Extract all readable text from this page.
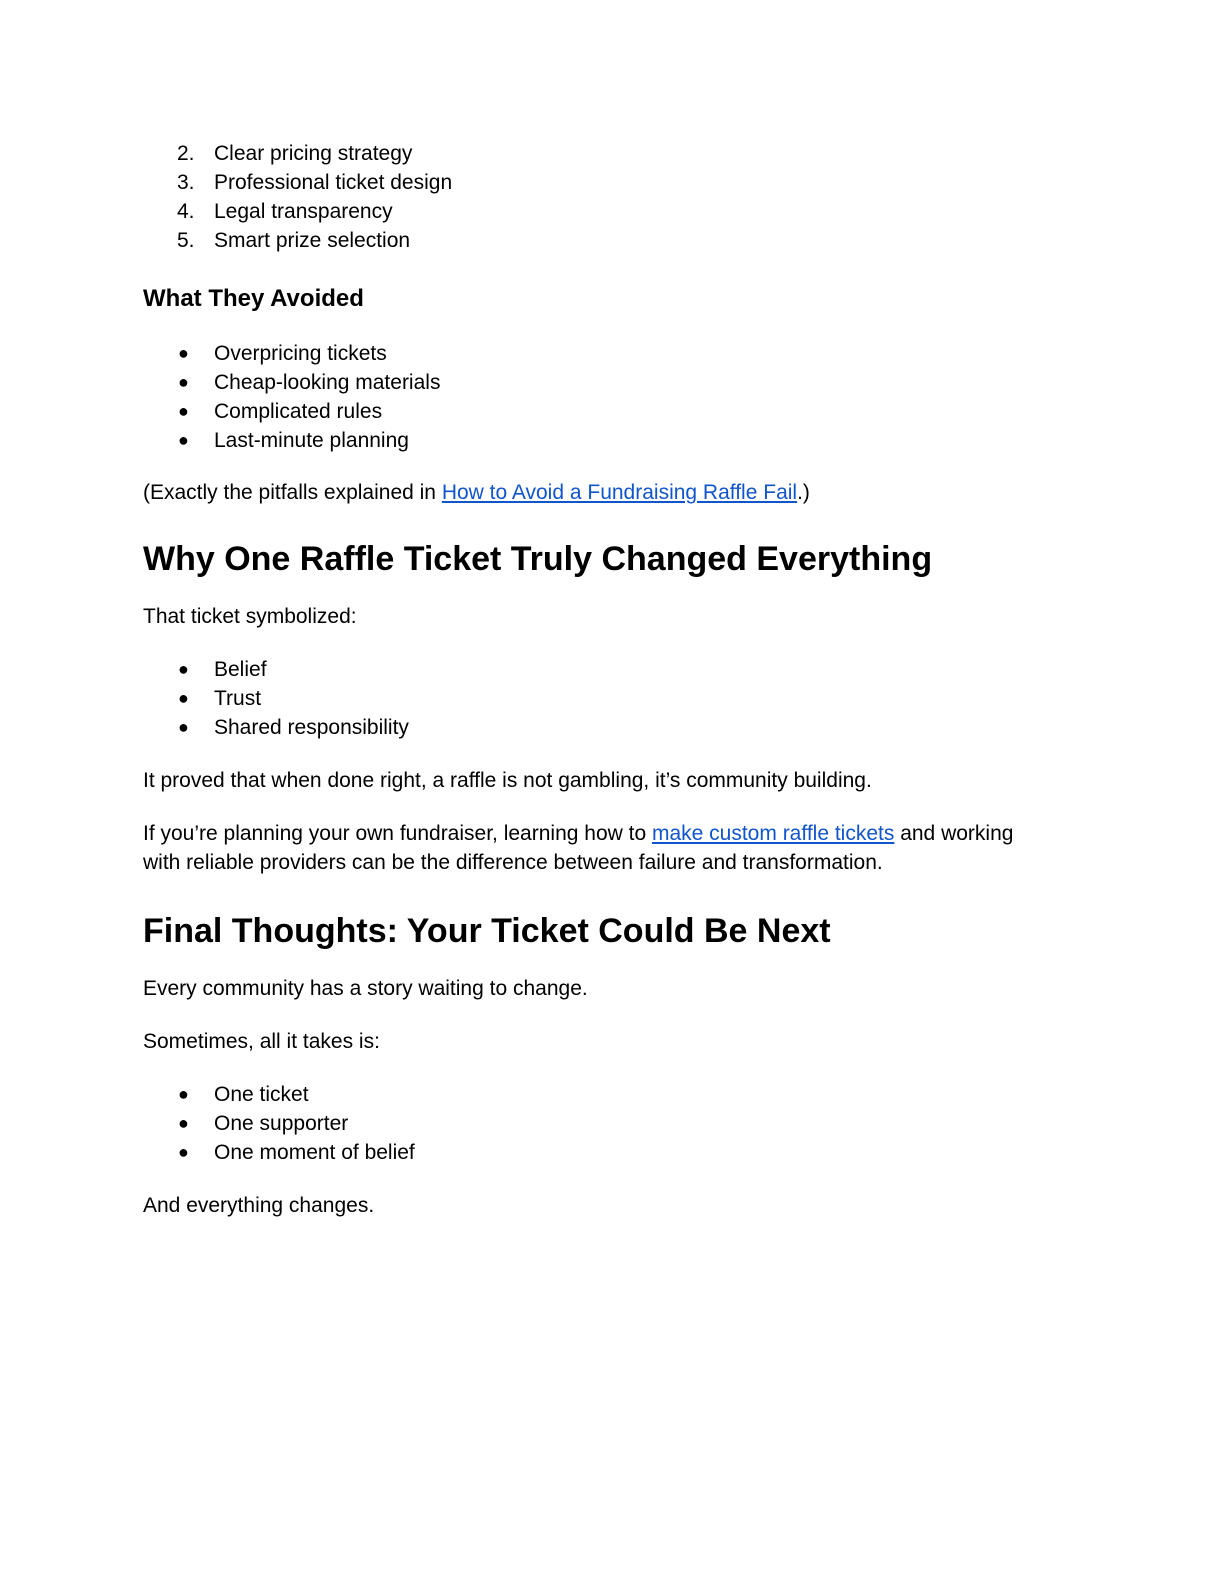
2. Clear pricing strategy
3. Professional ticket design
4. Legal transparency
5. Smart prize selection
What They Avoided
● Overpricing tickets
● Cheap-looking materials
● Complicated rules
● Last-minute planning

(Exactly the pitfalls explained in How to Avoid a Fundraising Raffle Fail.)

Why One Raffle Ticket Truly Changed Everything

That ticket symbolized:

● Belief
● Trust
● Shared responsibility

It proved that when done right, a raffle is not gambling, it’s community building.

If you’re planning your own fundraiser, learning how to make custom raffle tickets and working
with reliable providers can be the difference between failure and transformation.

Final Thoughts: Your Ticket Could Be Next

Every community has a story waiting to change.

Sometimes, all it takes is:

● One ticket
● One supporter
● One moment of belief

And everything changes.
